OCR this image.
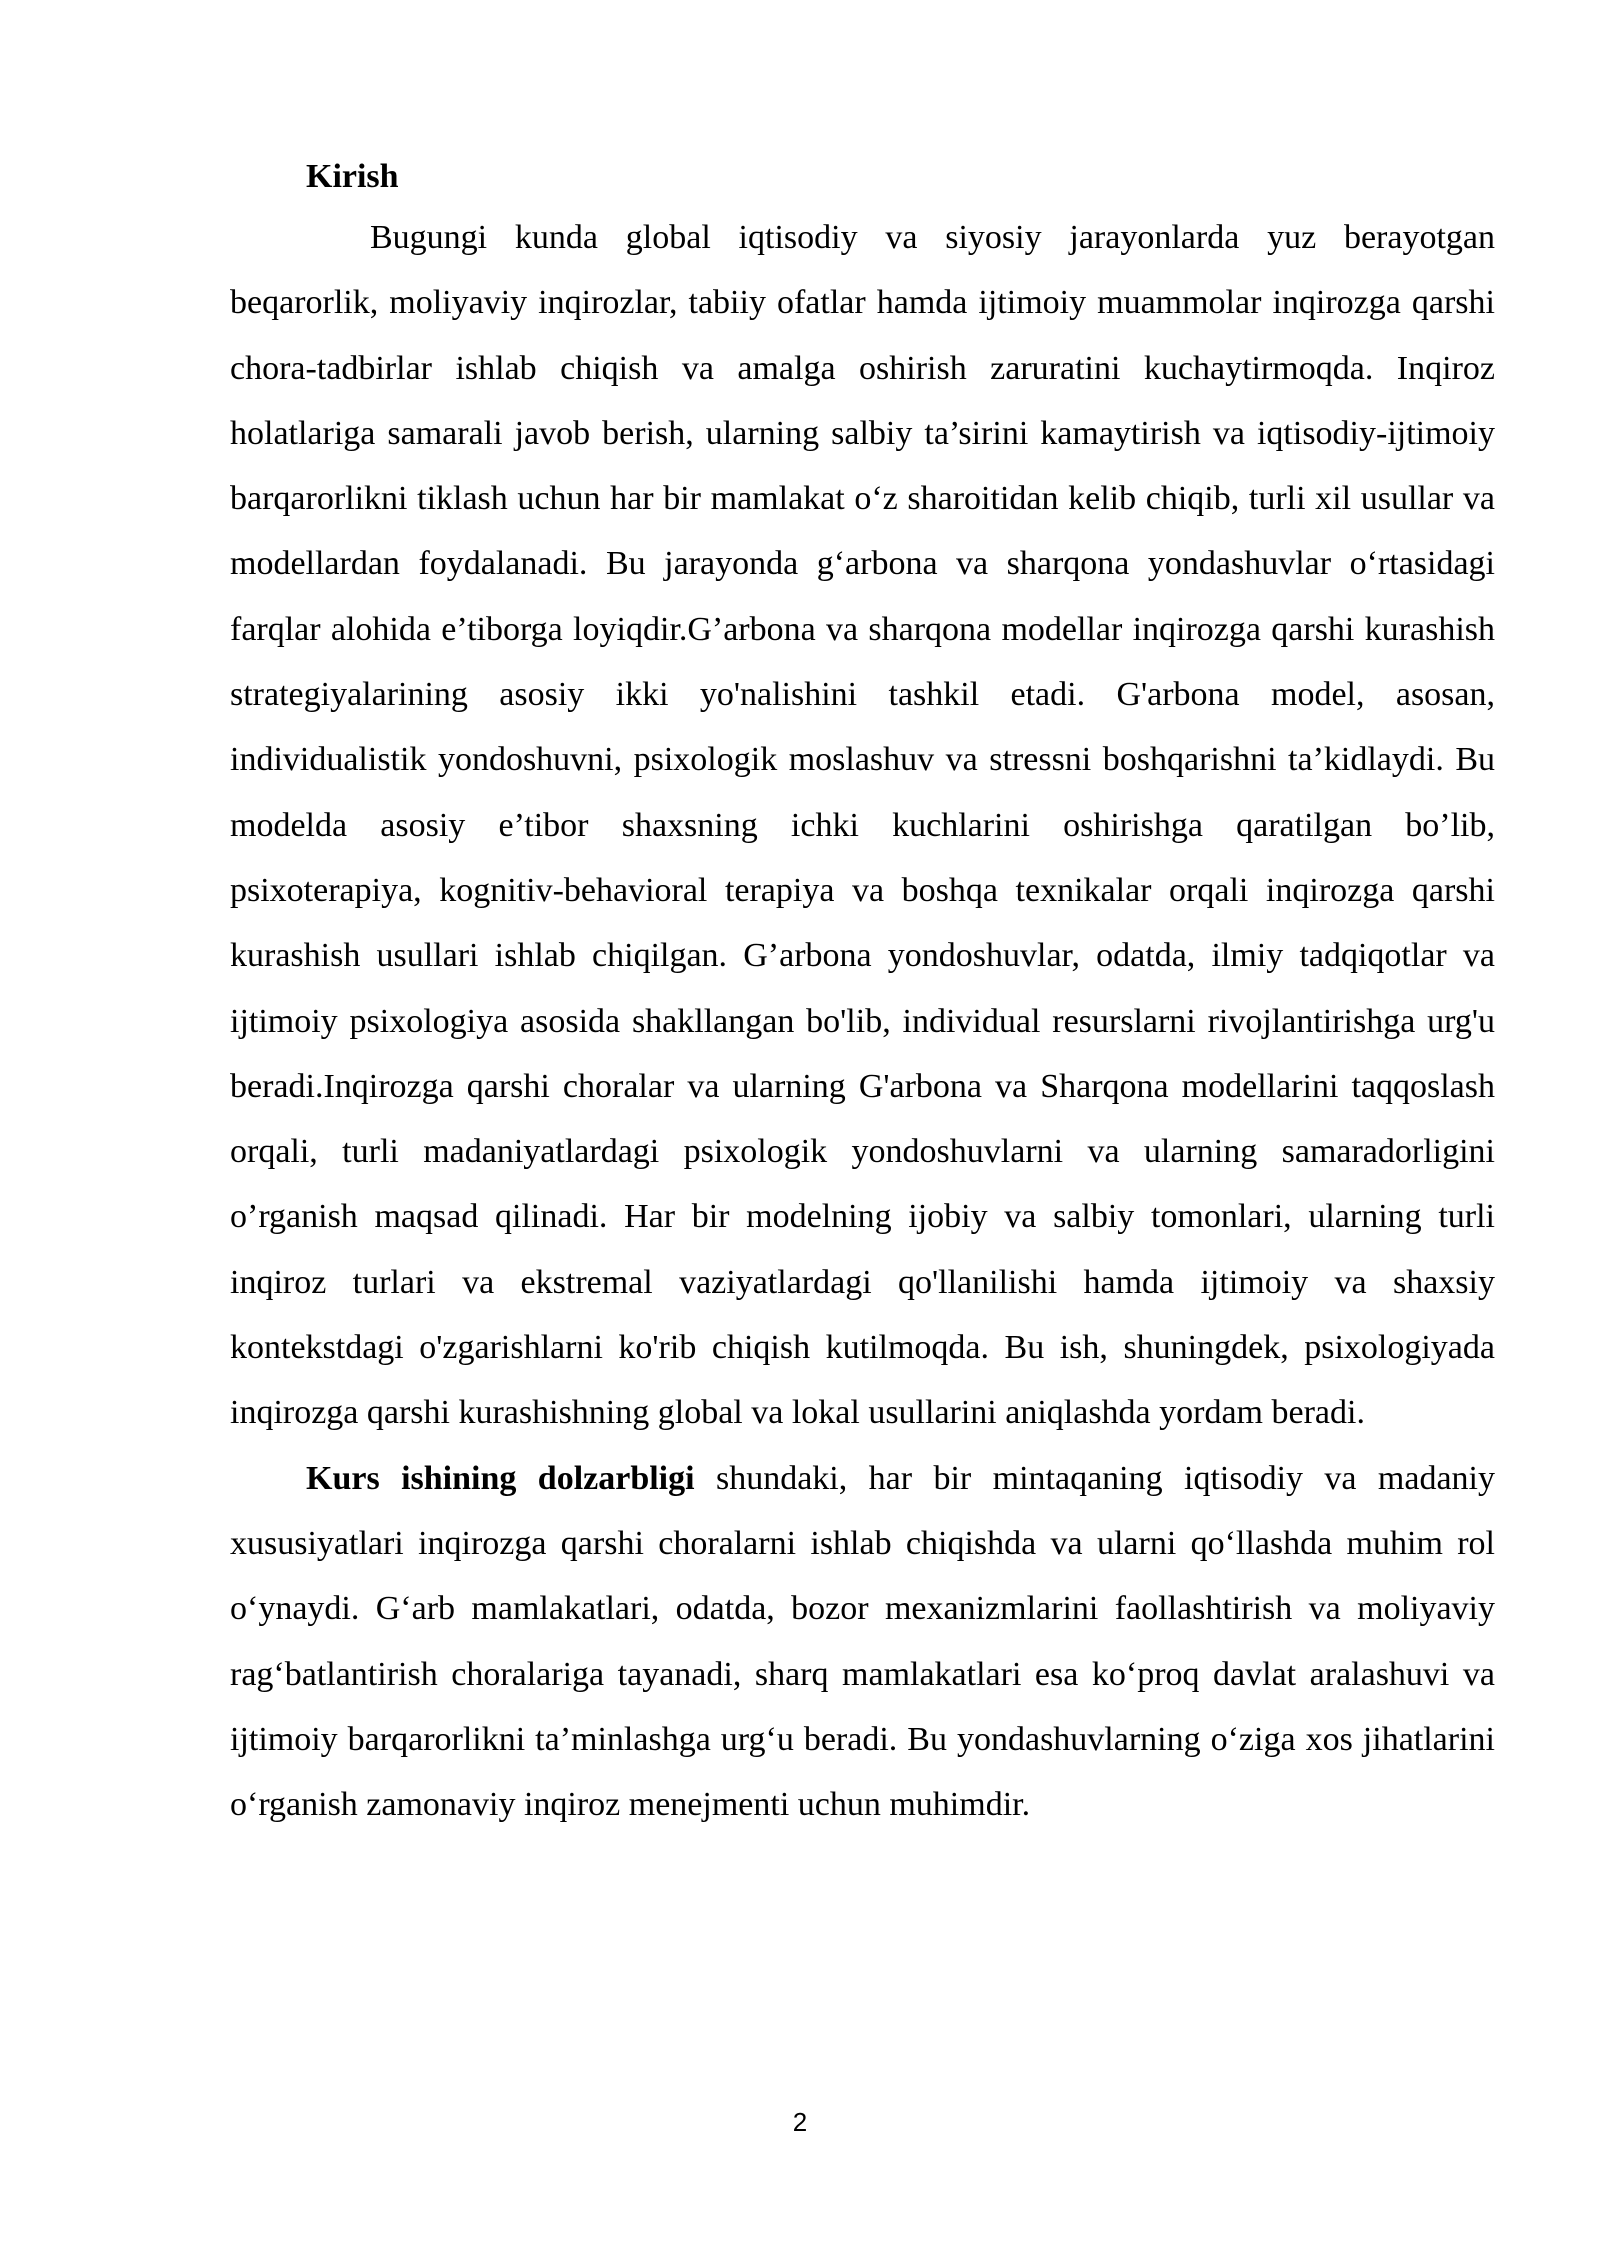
Kirish

Bugungi kunda global iqtisodiy va siyosiy jarayonlarda yuz berayotgan beqarorlik, moliyaviy inqirozlar, tabiiy ofatlar hamda ijtimoiy muammolar inqirozga qarshi chora-tadbirlar ishlab chiqish va amalga oshirish zaruratini kuchaytirmoqda. Inqiroz holatlariga samarali javob berish, ularning salbiy ta’sirini kamaytirish va iqtisodiy-ijtimoiy barqarorlikni tiklash uchun har bir mamlakat o‘z sharoitidan kelib chiqib, turli xil usullar va modellardan foydalanadi. Bu jarayonda g‘arbona va sharqona yondashuvlar o‘rtasidagi farqlar alohida e’tiborga loyiqdir.G’arbona va sharqona modellar inqirozga qarshi kurashish strategiyalarining asosiy ikki yo'nalishini tashkil etadi. G'arbona model, asosan, individualistik yondoshuvni, psixologik moslashuv va stressni boshqarishni ta’kidlaydi. Bu modelda asosiy e’tibor shaxsning ichki kuchlarini oshirishga qaratilgan bo’lib, psixoterapiya, kognitiv-behavioral terapiya va boshqa texnikalar orqali inqirozga qarshi kurashish usullari ishlab chiqilgan. G’arbona yondoshuvlar, odatda, ilmiy tadqiqotlar va ijtimoiy psixologiya asosida shakllangan bo'lib, individual resurslarni rivojlantirishga urg'u beradi.Inqirozga qarshi choralar va ularning G'arbona va Sharqona modellarini taqqoslash orqali, turli madaniyatlardagi psixologik yondoshuvlarni va ularning samaradorligini o’rganish maqsad qilinadi. Har bir modelning ijobiy va salbiy tomonlari, ularning turli inqiroz turlari va ekstremal vaziyatlardagi qo'llanilishi hamda ijtimoiy va shaxsiy kontekstdagi o'zgarishlarni ko'rib chiqish kutilmoqda. Bu ish, shuningdek, psixologiyada inqirozga qarshi kurashishning global va lokal usullarini aniqlashda yordam beradi.

Kurs ishining dolzarbligi shundaki, har bir mintaqaning iqtisodiy va madaniy xususiyatlari inqirozga qarshi choralarni ishlab chiqishda va ularni qo‘llashda muhim rol o‘ynaydi. G‘arb mamlakatlari, odatda, bozor mexanizmlarini faollashtirish va moliyaviy rag‘batlantirish choralariga tayanadi, sharq mamlakatlari esa ko‘proq davlat aralashuvi va ijtimoiy barqarorlikni ta’minlashga urg‘u beradi. Bu yondashuvlarning o‘ziga xos jihatlarini o‘rganish zamonaviy inqiroz menejmenti uchun muhimdir.

2
